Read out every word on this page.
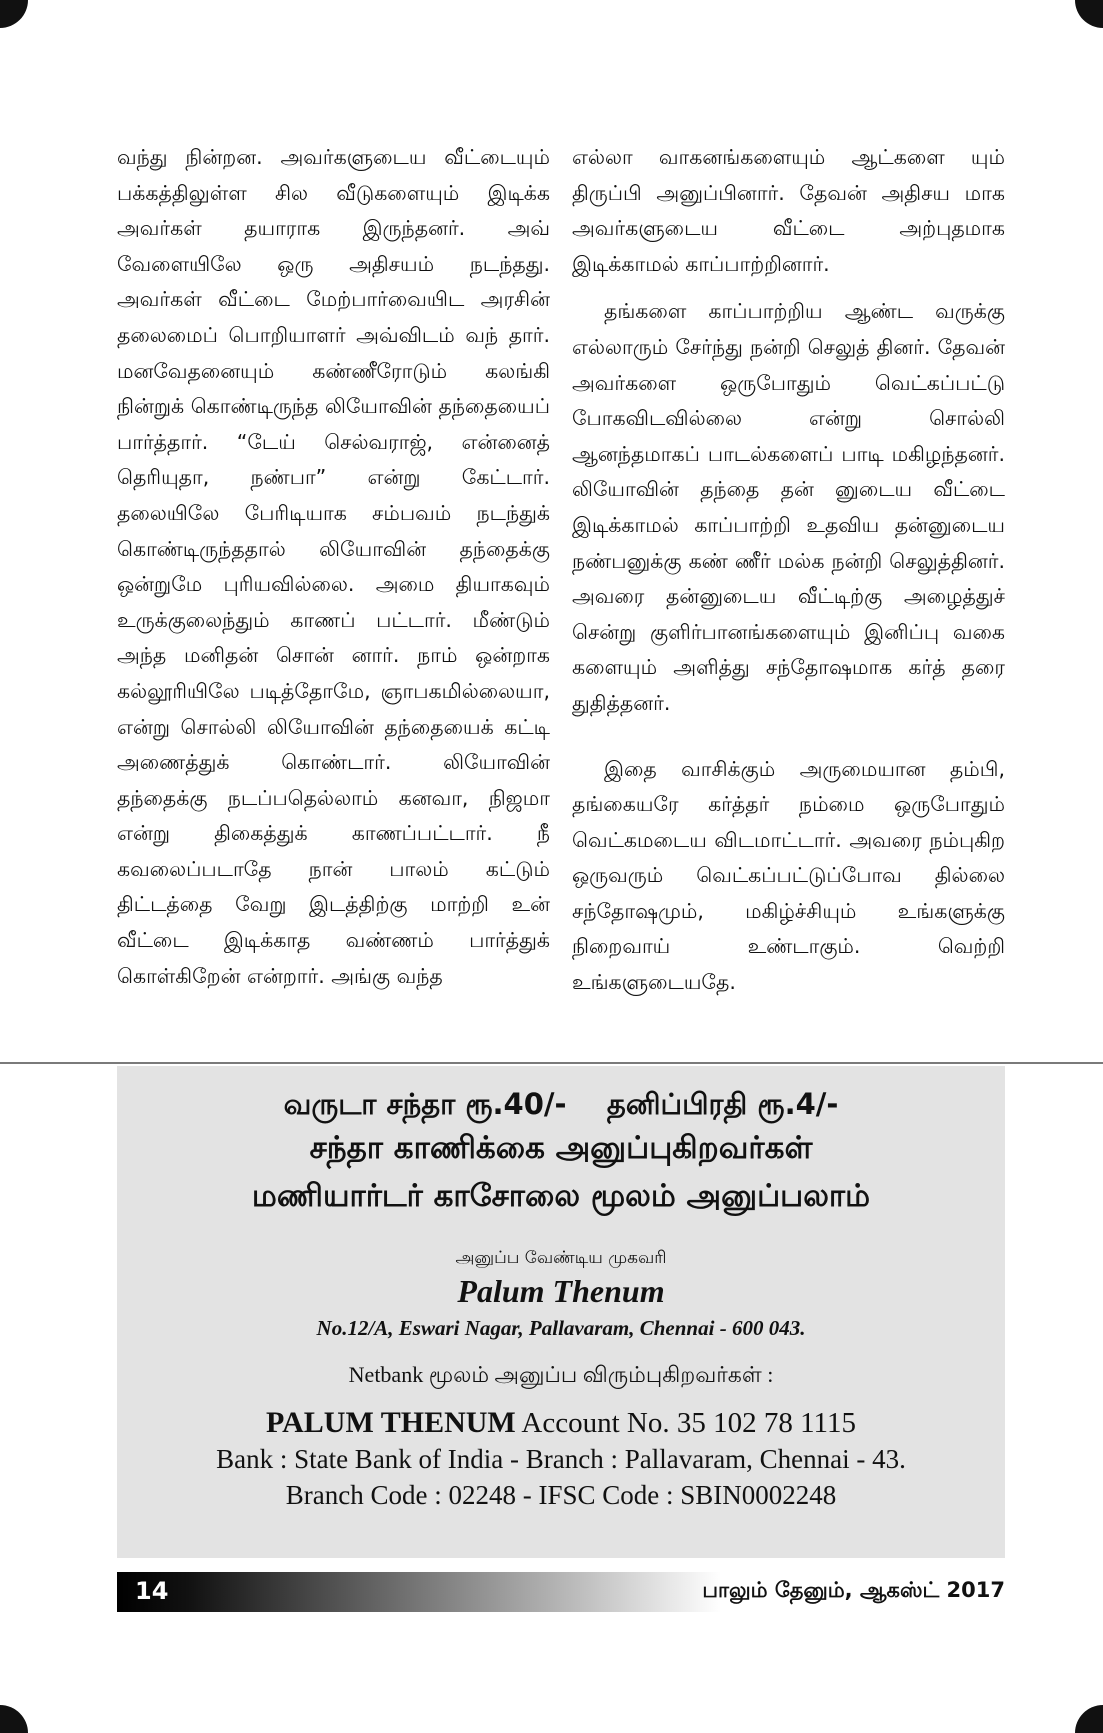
வந்து நின்றன. அவர்களுடைய வீட்டையும் பக்கத்திலுள்ள சில வீடுகளையும் இடிக்க அவர்கள் தயாராக இருந்தனர். அவ் வேளையிலே ஒரு அதிசயம் நடந்தது. அவர்கள் வீட்டை மேற்பார்வையிட அரசின் தலைமைப் பொறியாளர் அவ்விடம் வந் தார். மனவேதனையும் கண்ணீரோடும் கலங்கி நின்றுக் கொண்டிருந்த லியோவின் தந்தையைப் பார்த்தார். “டேய் செல்வராஜ், என்னைத் தெரியுதா, நண்பா” என்று கேட்டார். தலையிலே பேரிடியாக சம்பவம் நடந்துக் கொண்டிருந்ததால் லியோவின் தந்தைக்கு ஒன்றுமே புரியவில்லை. அமை தியாகவும் உருக்குலைந்தும் காணப் பட்டார். மீண்டும் அந்த மனிதன் சொன் னார். நாம் ஒன்றாக கல்லூரியிலே படித்தோமே, ஞாபகமில்லையா, என்று சொல்லி லியோவின் தந்தையைக் கட்டி அணைத்துக் கொண்டார். லியோவின் தந்தைக்கு நடப்பதெல்லாம் கனவா, நிஜமா என்று திகைத்துக் காணப்பட்டார். நீ கவலைப்படாதே நான் பாலம் கட்டும் திட்டத்தை வேறு இடத்திற்கு மாற்றி உன் வீட்டை இடிக்காத வண்ணம் பார்த்துக் கொள்கிறேன் என்றார். அங்கு வந்த

எல்லா வாகனங்களையும் ஆட்களை யும் திருப்பி அனுப்பினார். தேவன் அதிசய மாக அவர்களுடைய வீட்டை அற்புதமாக இடிக்காமல் காப்பாற்றினார்.

தங்களை காப்பாற்றிய ஆண்ட வருக்கு எல்லாரும் சேர்ந்து நன்றி செலுத் தினர். தேவன் அவர்களை ஒருபோதும் வெட்கப்பட்டு போகவிடவில்லை என்று சொல்லி ஆனந்தமாகப் பாடல்களைப் பாடி மகிழந்தனர். லியோவின் தந்தை தன் னுடைய வீட்டை இடிக்காமல் காப்பாற்றி உதவிய தன்னுடைய நண்பனுக்கு கண் ணீர் மல்க நன்றி செலுத்தினர். அவரை தன்னுடைய வீட்டிற்கு அழைத்துச் சென்று குளிர்பானங்களையும் இனிப்பு வகை களையும் அளித்து சந்தோஷமாக கர்த் தரை துதித்தனர்.

இதை வாசிக்கும் அருமையான தம்பி, தங்கையரே கர்த்தர் நம்மை ஒருபோதும் வெட்கமடைய விடமாட்டார். அவரை நம்புகிற ஒருவரும் வெட்கப்பட்டுப்போவ தில்லை சந்தோஷமும், மகிழ்ச்சியும் உங்களுக்கு நிறைவாய் உண்டாகும். வெற்றி உங்களுடையதே.

வருடா சந்தா ரூ.40/-    தனிப்பிரதி ரூ.4/-
சந்தா காணிக்கை அனுப்புகிறவர்கள்
மணியார்டர் காசோலை மூலம் அனுப்பலாம்
அனுப்ப வேண்டிய முகவரி
Palum Thenum
No.12/A, Eswari Nagar, Pallavaram, Chennai - 600 043.
Netbank மூலம் அனுப்ப விரும்புகிறவர்கள் :
PALUM THENUM Account No. 35 102 78 1115
Bank : State Bank of India - Branch : Pallavaram, Chennai - 43.
Branch Code : 02248 - IFSC Code : SBIN0002248
14	பாலும் தேனும், ஆகஸ்ட் 2017
